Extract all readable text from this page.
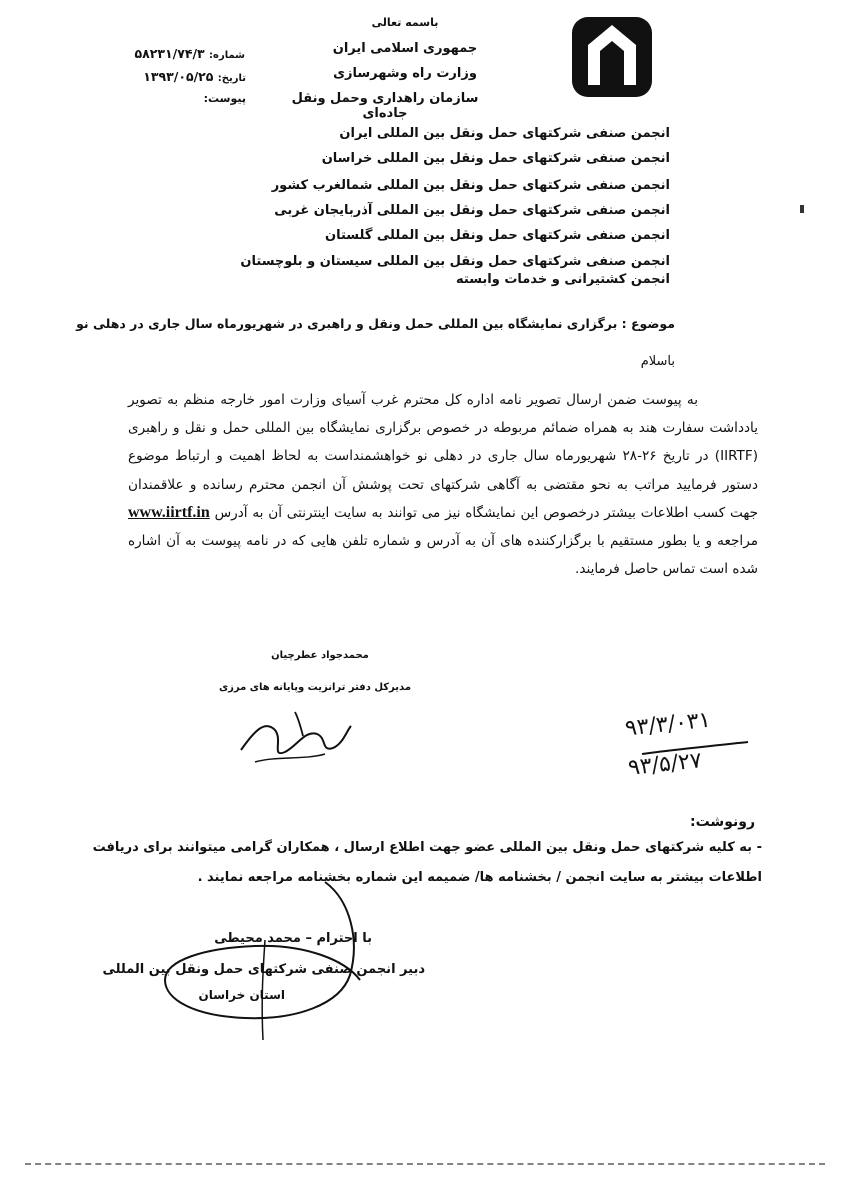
باسمه تعالی
جمهوری اسلامی ایران
وزارت راه وشهرسازی
سازمان راهداری وحمل ونقل جاده‌ای
شماره: ۵۸۲۳۱/۷۴/۳
تاریخ: ۱۳۹۳/۰۵/۲۵
پیوست:
انجمن صنفی شرکتهای حمل ونقل بین المللی ایران
انجمن صنفی شرکتهای حمل ونقل بین المللی خراسان
انجمن صنفی شرکتهای حمل ونقل بین المللی شمالغرب کشور
انجمن صنفی شرکتهای حمل ونقل بین المللی آذربایجان غربی
انجمن صنفی شرکتهای حمل ونقل بین المللی گلستان
انجمن صنفی شرکتهای حمل ونقل بین المللی سیستان و بلوچستان
انجمن کشتیرانی و خدمات وابسته
موضوع : برگزاری نمایشگاه بین المللی حمل ونقل و راهبری در شهریورماه سال جاری در دهلی نو
باسلام
به پیوست ضمن ارسال تصویر نامه اداره کل محترم غرب آسیای وزارت امور خارجه منظم به تصویر یادداشت سفارت هند به همراه ضمائم مربوطه در خصوص برگزاری نمایشگاه بین المللی حمل و نقل و راهبری (IIRTF) در تاریخ ۲۶-۲۸ شهریورماه سال جاری در دهلی نو خواهشمنداست به لحاظ اهمیت و ارتباط موضوع دستور فرمایید مراتب به نحو مقتضی به آگاهی شرکتهای تحت پوشش آن انجمن محترم رسانده و علاقمندان جهت کسب اطلاعات بیشتر درخصوص این نمایشگاه نیز می توانند به سایت اینترنتی آن به آدرس www.iirtf.in مراجعه و یا بطور مستقیم با برگزارکننده های آن به آدرس و شماره تلفن هایی که در نامه پیوست به آن اشاره شده است تماس حاصل فرمایند.
محمدجواد عطرچیان
مدیرکل دفتر ترانزیت وپایانه های مرزی
۹۳/۳/۰۳۱
۹۳/۵/۲۷
رونوشت:
- به کلیه شرکتهای حمل ونقل بین المللی عضو جهت اطلاع ارسال ، همکاران گرامی میتوانند برای دریافت
اطلاعات بیشتر به سایت انجمن / بخشنامه ها/ ضمیمه این شماره بخشنامه مراجعه نمایند .
با احترام – محمد محیطی
دبیر انجمن صنفی شرکتهای حمل ونقل بین المللی
استان خراسان
